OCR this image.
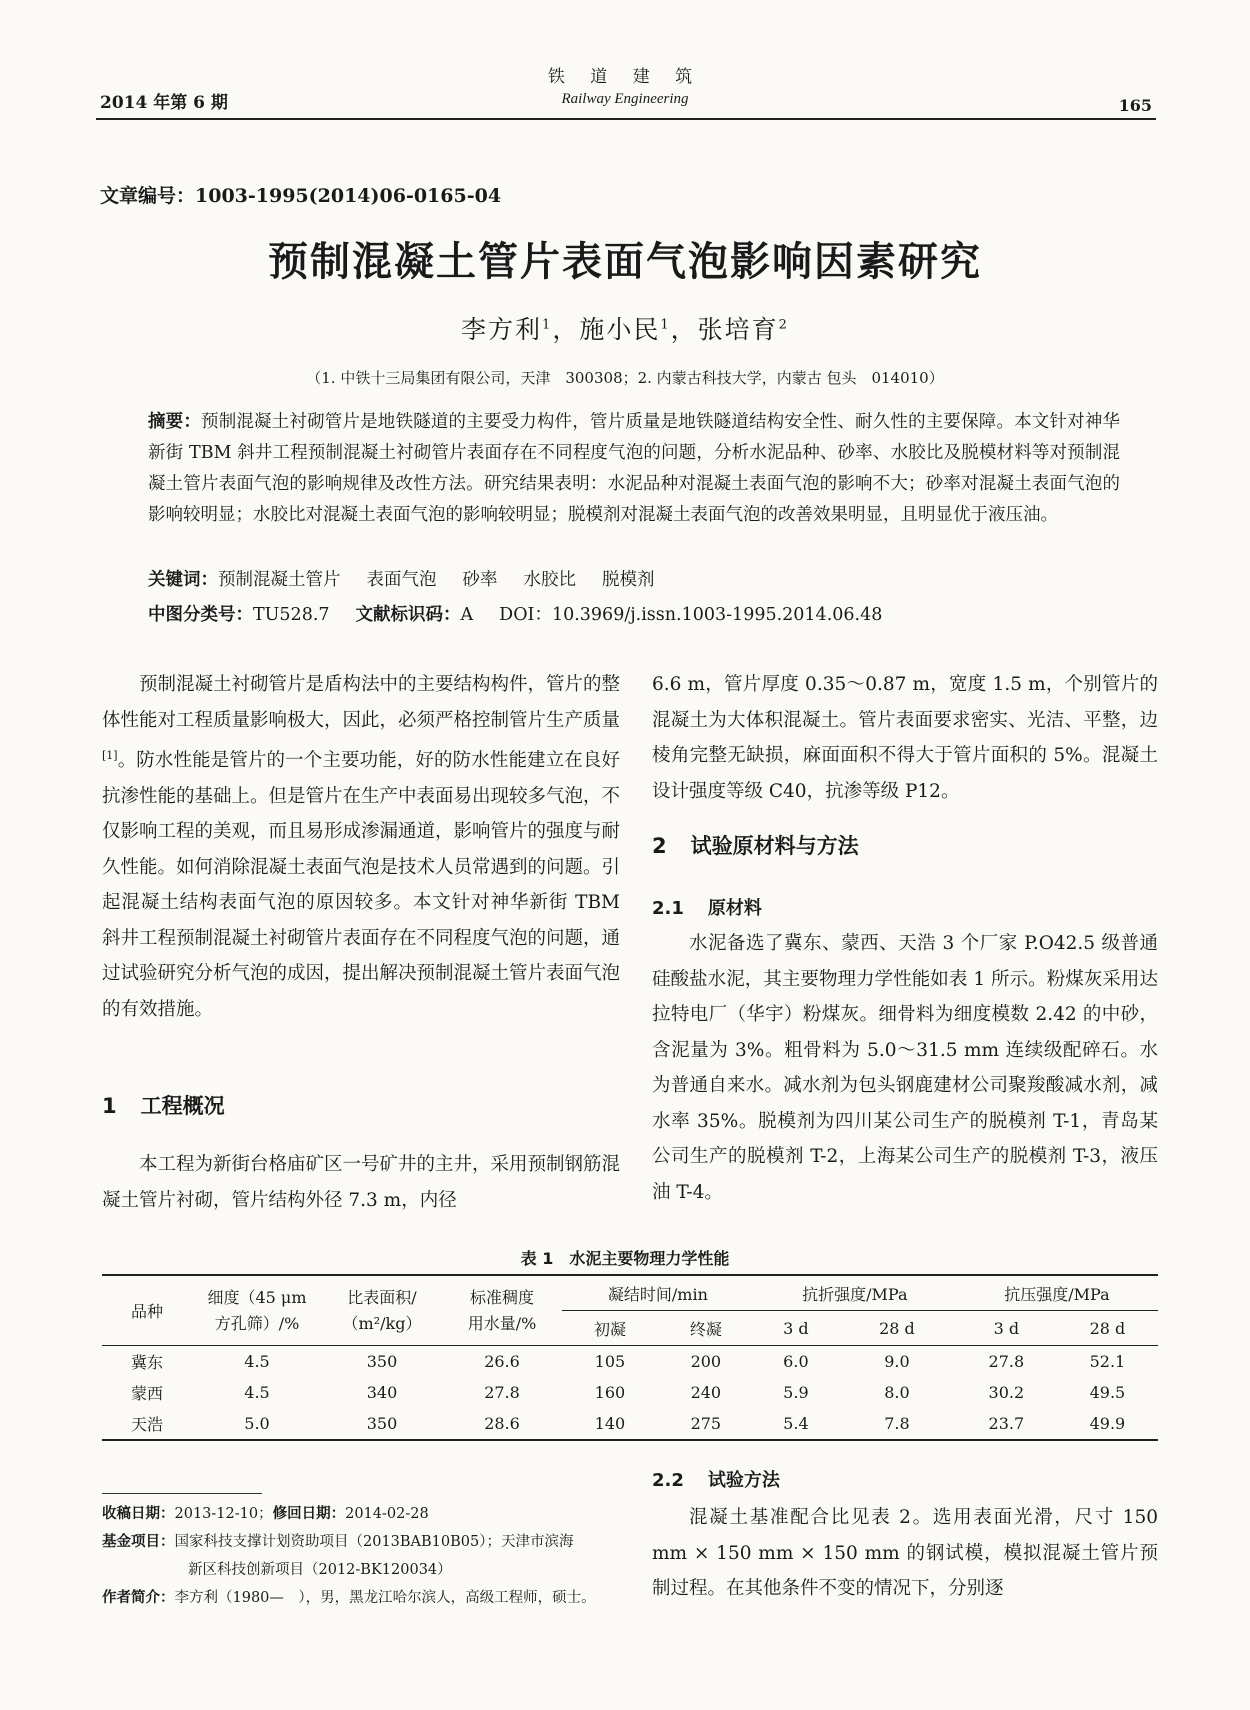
2014 年第 6 期
铁 道 建 筑
Railway Engineering	165
文章编号：1003-1995(2014)06-0165-04
预制混凝土管片表面气泡影响因素研究
李方利$^1$，施小民$^1$，张培育$^2$
（1. 中铁十三局集团有限公司，天津　300308；2. 内蒙古科技大学，内蒙古 包头　014010）
摘要：预制混凝土衬砌管片是地铁隧道的主要受力构件，管片质量是地铁隧道结构安全性、耐久性的主要保障。本文针对神华新街 TBM 斜井工程预制混凝土衬砌管片表面存在不同程度气泡的问题，分析水泥品种、砂率、水胶比及脱模材料等对预制混凝土管片表面气泡的影响规律及改性方法。研究结果表明：水泥品种对混凝土表面气泡的影响不大；砂率对混凝土表面气泡的影响较明显；水胶比对混凝土表面气泡的影响较明显；脱模剂对混凝土表面气泡的改善效果明显，且明显优于液压油。
关键词：预制混凝土管片 表面气泡 砂率 水胶比 脱模剂
中图分类号：TU528.7 文献标识码：A DOI：10.3969/j.issn.1003-1995.2014.06.48

预制混凝土衬砌管片是盾构法中的主要结构构件，管片的整体性能对工程质量影响极大，因此，必须严格控制管片生产质量[1]。防水性能是管片的一个主要功能，好的防水性能建立在良好抗渗性能的基础上。但是管片在生产中表面易出现较多气泡，不仅影响工程的美观，而且易形成渗漏通道，影响管片的强度与耐久性能。如何消除混凝土表面气泡是技术人员常遇到的问题。引起混凝土结构表面气泡的原因较多。本文针对神华新街 TBM 斜井工程预制混凝土衬砌管片表面存在不同程度气泡的问题，通过试验研究分析气泡的成因，提出解决预制混凝土管片表面气泡的有效措施。

1 工程概况

本工程为新街台格庙矿区一号矿井的主井，采用预制钢筋混凝土管片衬砌，管片结构外径 7.3 m，内径

6.6 m，管片厚度 0.35～0.87 m，宽度 1.5 m，个别管片的混凝土为大体积混凝土。管片表面要求密实、光洁、平整，边棱角完整无缺损，麻面面积不得大于管片面积的 5%。混凝土设计强度等级 C40，抗渗等级 P12。

2 试验原材料与方法
2.1 原材料

水泥备选了冀东、蒙西、天浩 3 个厂家 P.O42.5 级普通硅酸盐水泥，其主要物理力学性能如表 1 所示。粉煤灰采用达拉特电厂（华宇）粉煤灰。细骨料为细度模数 2.42 的中砂，含泥量为 3%。粗骨料为 5.0～31.5 mm 连续级配碎石。水为普通自来水。减水剂为包头钢鹿建材公司聚羧酸减水剂，减水率 35%。脱模剂为四川某公司生产的脱模剂 T-1，青岛某公司生产的脱模剂 T-2，上海某公司生产的脱模剂 T-3，液压油 T-4。

表 1　水泥主要物理力学性能
品种	细度（45 μm
方孔筛）/%	比表面积/
（m²/kg）	标准稠度
用水量/%	凝结时间/min		抗折强度/MPa		抗压强度/MPa	
				初凝	终凝	3 d	28 d	3 d	28 d
冀东	4.5	350	26.6	105	200	6.0	9.0	27.8	52.1
蒙西	4.5	340	27.8	160	240	5.9	8.0	30.2	49.5
天浩	5.0	350	28.6	140	275	5.4	7.8	23.7	49.9
收稿日期：2013-12-10；修回日期：2014-02-28
基金项目：国家科技支撑计划资助项目（2013BAB10B05）；天津市滨海
新区科技创新项目（2012-BK120034）
作者简介：李方利（1980—　），男，黑龙江哈尔滨人，高级工程师，硕士。
2.2 试验方法

混凝土基准配合比见表 2。选用表面光滑，尺寸 150 mm × 150 mm × 150 mm 的钢试模，模拟混凝土管片预制过程。在其他条件不变的情况下，分别逐
